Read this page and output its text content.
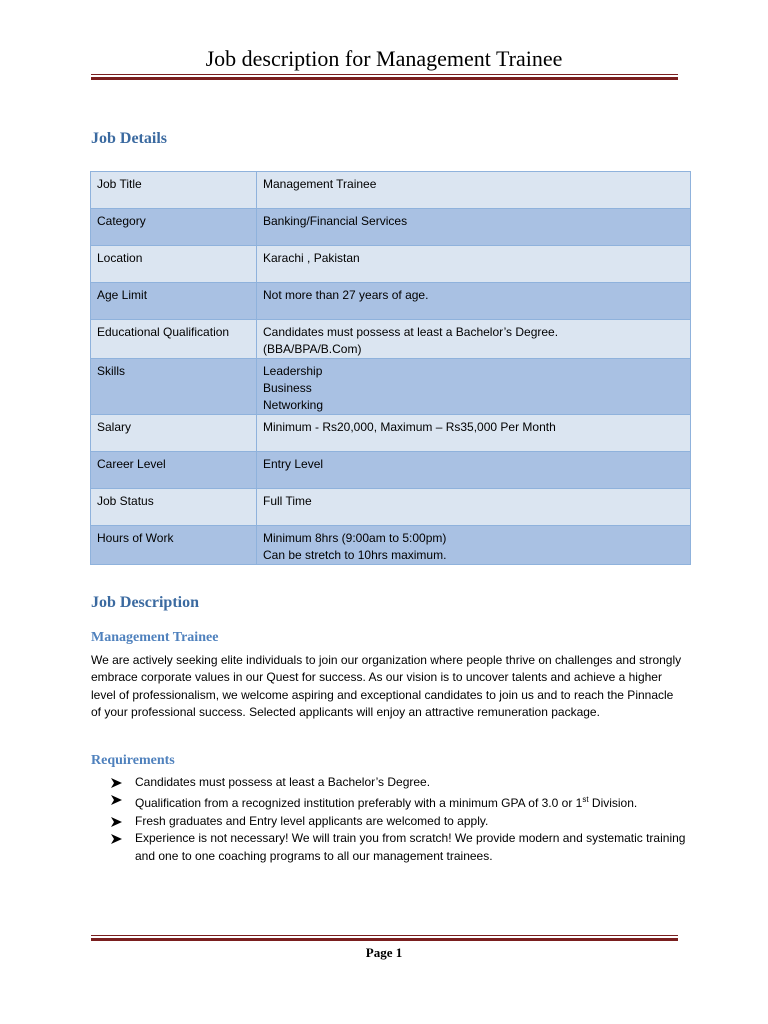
Job description for Management Trainee
Job Details
Job Title	Management Trainee

Category	Banking/Financial Services

Location	Karachi , Pakistan

Age Limit	Not more than 27 years of age.

Educational Qualification	Candidates must possess at least a Bachelor’s Degree.
(BBA/BPA/B.Com)

Skills	Leadership
Business
Networking

Salary	Minimum - Rs20,000, Maximum – Rs35,000 Per Month

Career Level	Entry Level

Job Status	Full Time

Hours of Work	Minimum 8hrs (9:00am to 5:00pm)
Can be stretch to 10hrs maximum.
Job Description
Management Trainee
We are actively seeking elite individuals to join our organization where people thrive on challenges and strongly embrace corporate values in our Quest for success. As our vision is to uncover talents and achieve a higher level of professionalism, we welcome aspiring and exceptional candidates to join us and to reach the Pinnacle of your professional success. Selected applicants will enjoy an attractive remuneration package.
Requirements
Candidates must possess at least a Bachelor’s Degree.
Qualification from a recognized institution preferably with a minimum GPA of 3.0 or 1st Division.
Fresh graduates and Entry level applicants are welcomed to apply.
Experience is not necessary! We will train you from scratch! We provide modern and systematic training and one to one coaching programs to all our management trainees.
Page 1
